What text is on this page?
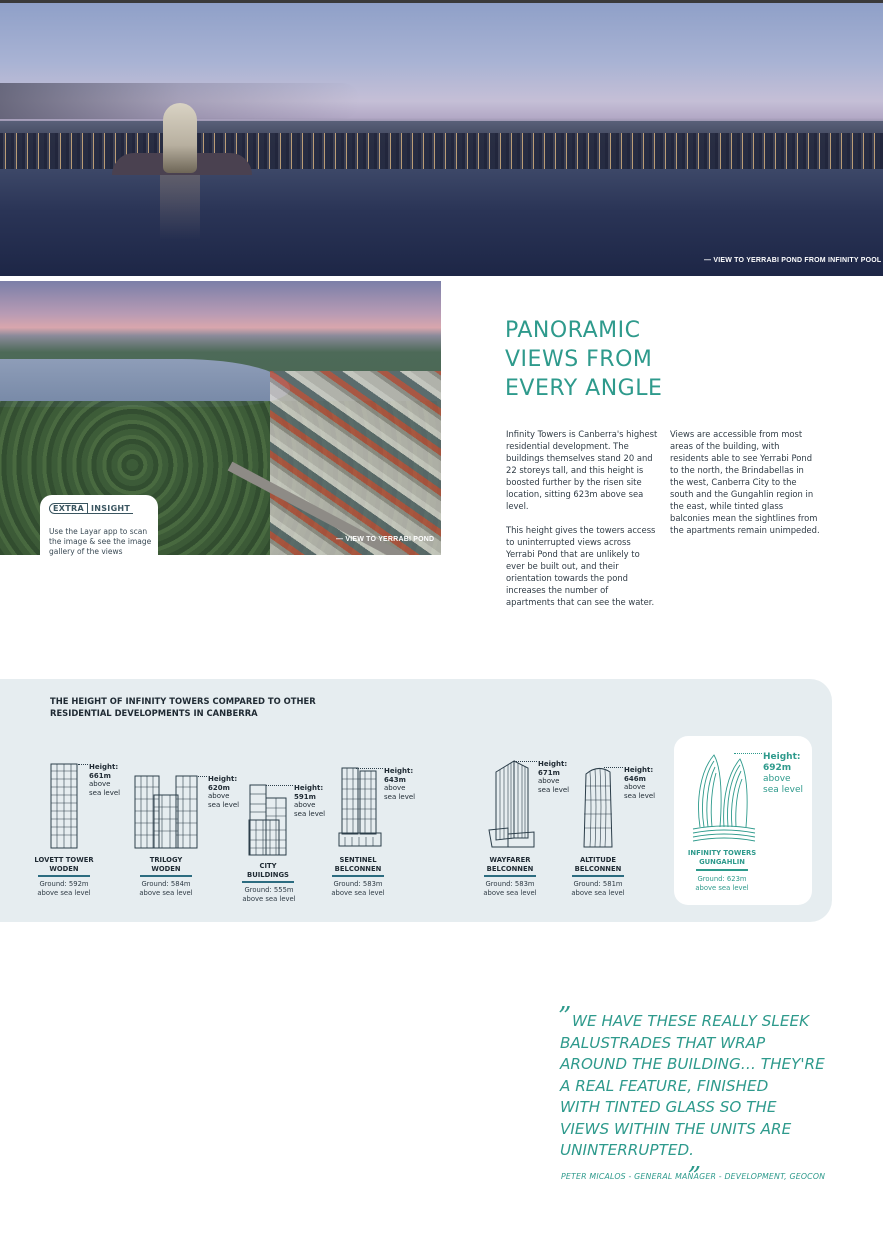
— VIEW TO YERRABI POND FROM INFINITY POOL
— VIEW TO YERRABI POND
EXTRA INSIGHT
Use the Layar app to scan the image & see the image gallery of the views
PANORAMIC
VIEWS FROM
EVERY ANGLE

Infinity Towers is Canberra's highest residential development. The buildings themselves stand 20 and 22 storeys tall, and this height is boosted further by the risen site location, sitting 623m above sea level.

This height gives the towers access to uninterrupted views across Yerrabi Pond that are unlikely to ever be built out, and their orientation towards the pond increases the number of apartments that can see the water.

Views are accessible from most areas of the building, with residents able to see Yerrabi Pond to the north, the Brindabellas in the west, Canberra City to the south and the Gungahlin region in the east, while tinted glass balconies mean the sightlines from the apartments remain unimpeded.

THE HEIGHT OF INFINITY TOWERS COMPARED TO OTHER
RESIDENTIAL DEVELOPMENTS IN CANBERRA
Height:
661m
above
sea level
LOVETT TOWER
WODEN
Ground: 592m
above sea level
Height:
620m
above
sea level
TRILOGY
WODEN
Ground: 584m
above sea level
Height:
591m
above
sea level
CITY
BUILDINGS
Ground: 555m
above sea level
Height:
643m
above
sea level
SENTINEL
BELCONNEN
Ground: 583m
above sea level
Height:
671m
above
sea level
WAYFARER
BELCONNEN
Ground: 583m
above sea level
Height:
646m
above
sea level
ALTITUDE
BELCONNEN
Ground: 581m
above sea level
Height:
692m
above
sea level
INFINITY TOWERS
GUNGAHLIN
Ground: 623m
above sea level
” WE HAVE THESE REALLY SLEEK
BALUSTRADES THAT WRAP
AROUND THE BUILDING… THEY'RE
A REAL FEATURE, FINISHED
WITH TINTED GLASS SO THE
VIEWS WITHIN THE UNITS ARE
UNINTERRUPTED.
„
PETER MICALOS - GENERAL MANAGER - DEVELOPMENT, GEOCON
